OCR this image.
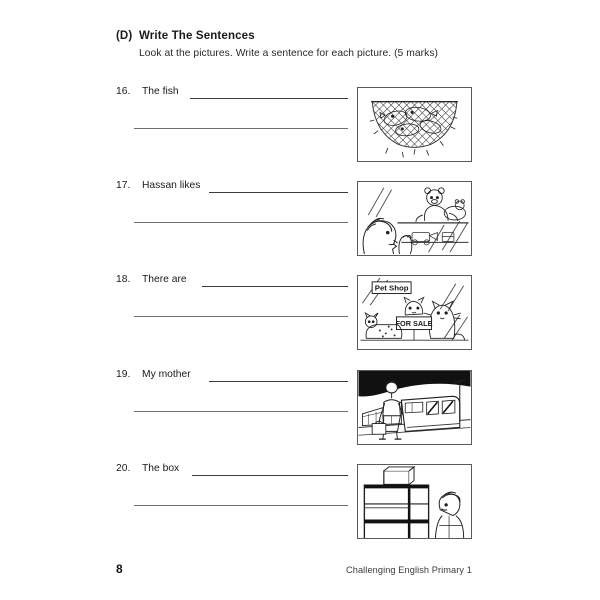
(D) Write The Sentences
Look at the pictures. Write a sentence for each picture. (5 marks)
16.	The fish
17.	Hassan likes
18.	There are
Pet Shop
FOR SALE
19.	My mother
20.	The box
8	Challenging English Primary 1
